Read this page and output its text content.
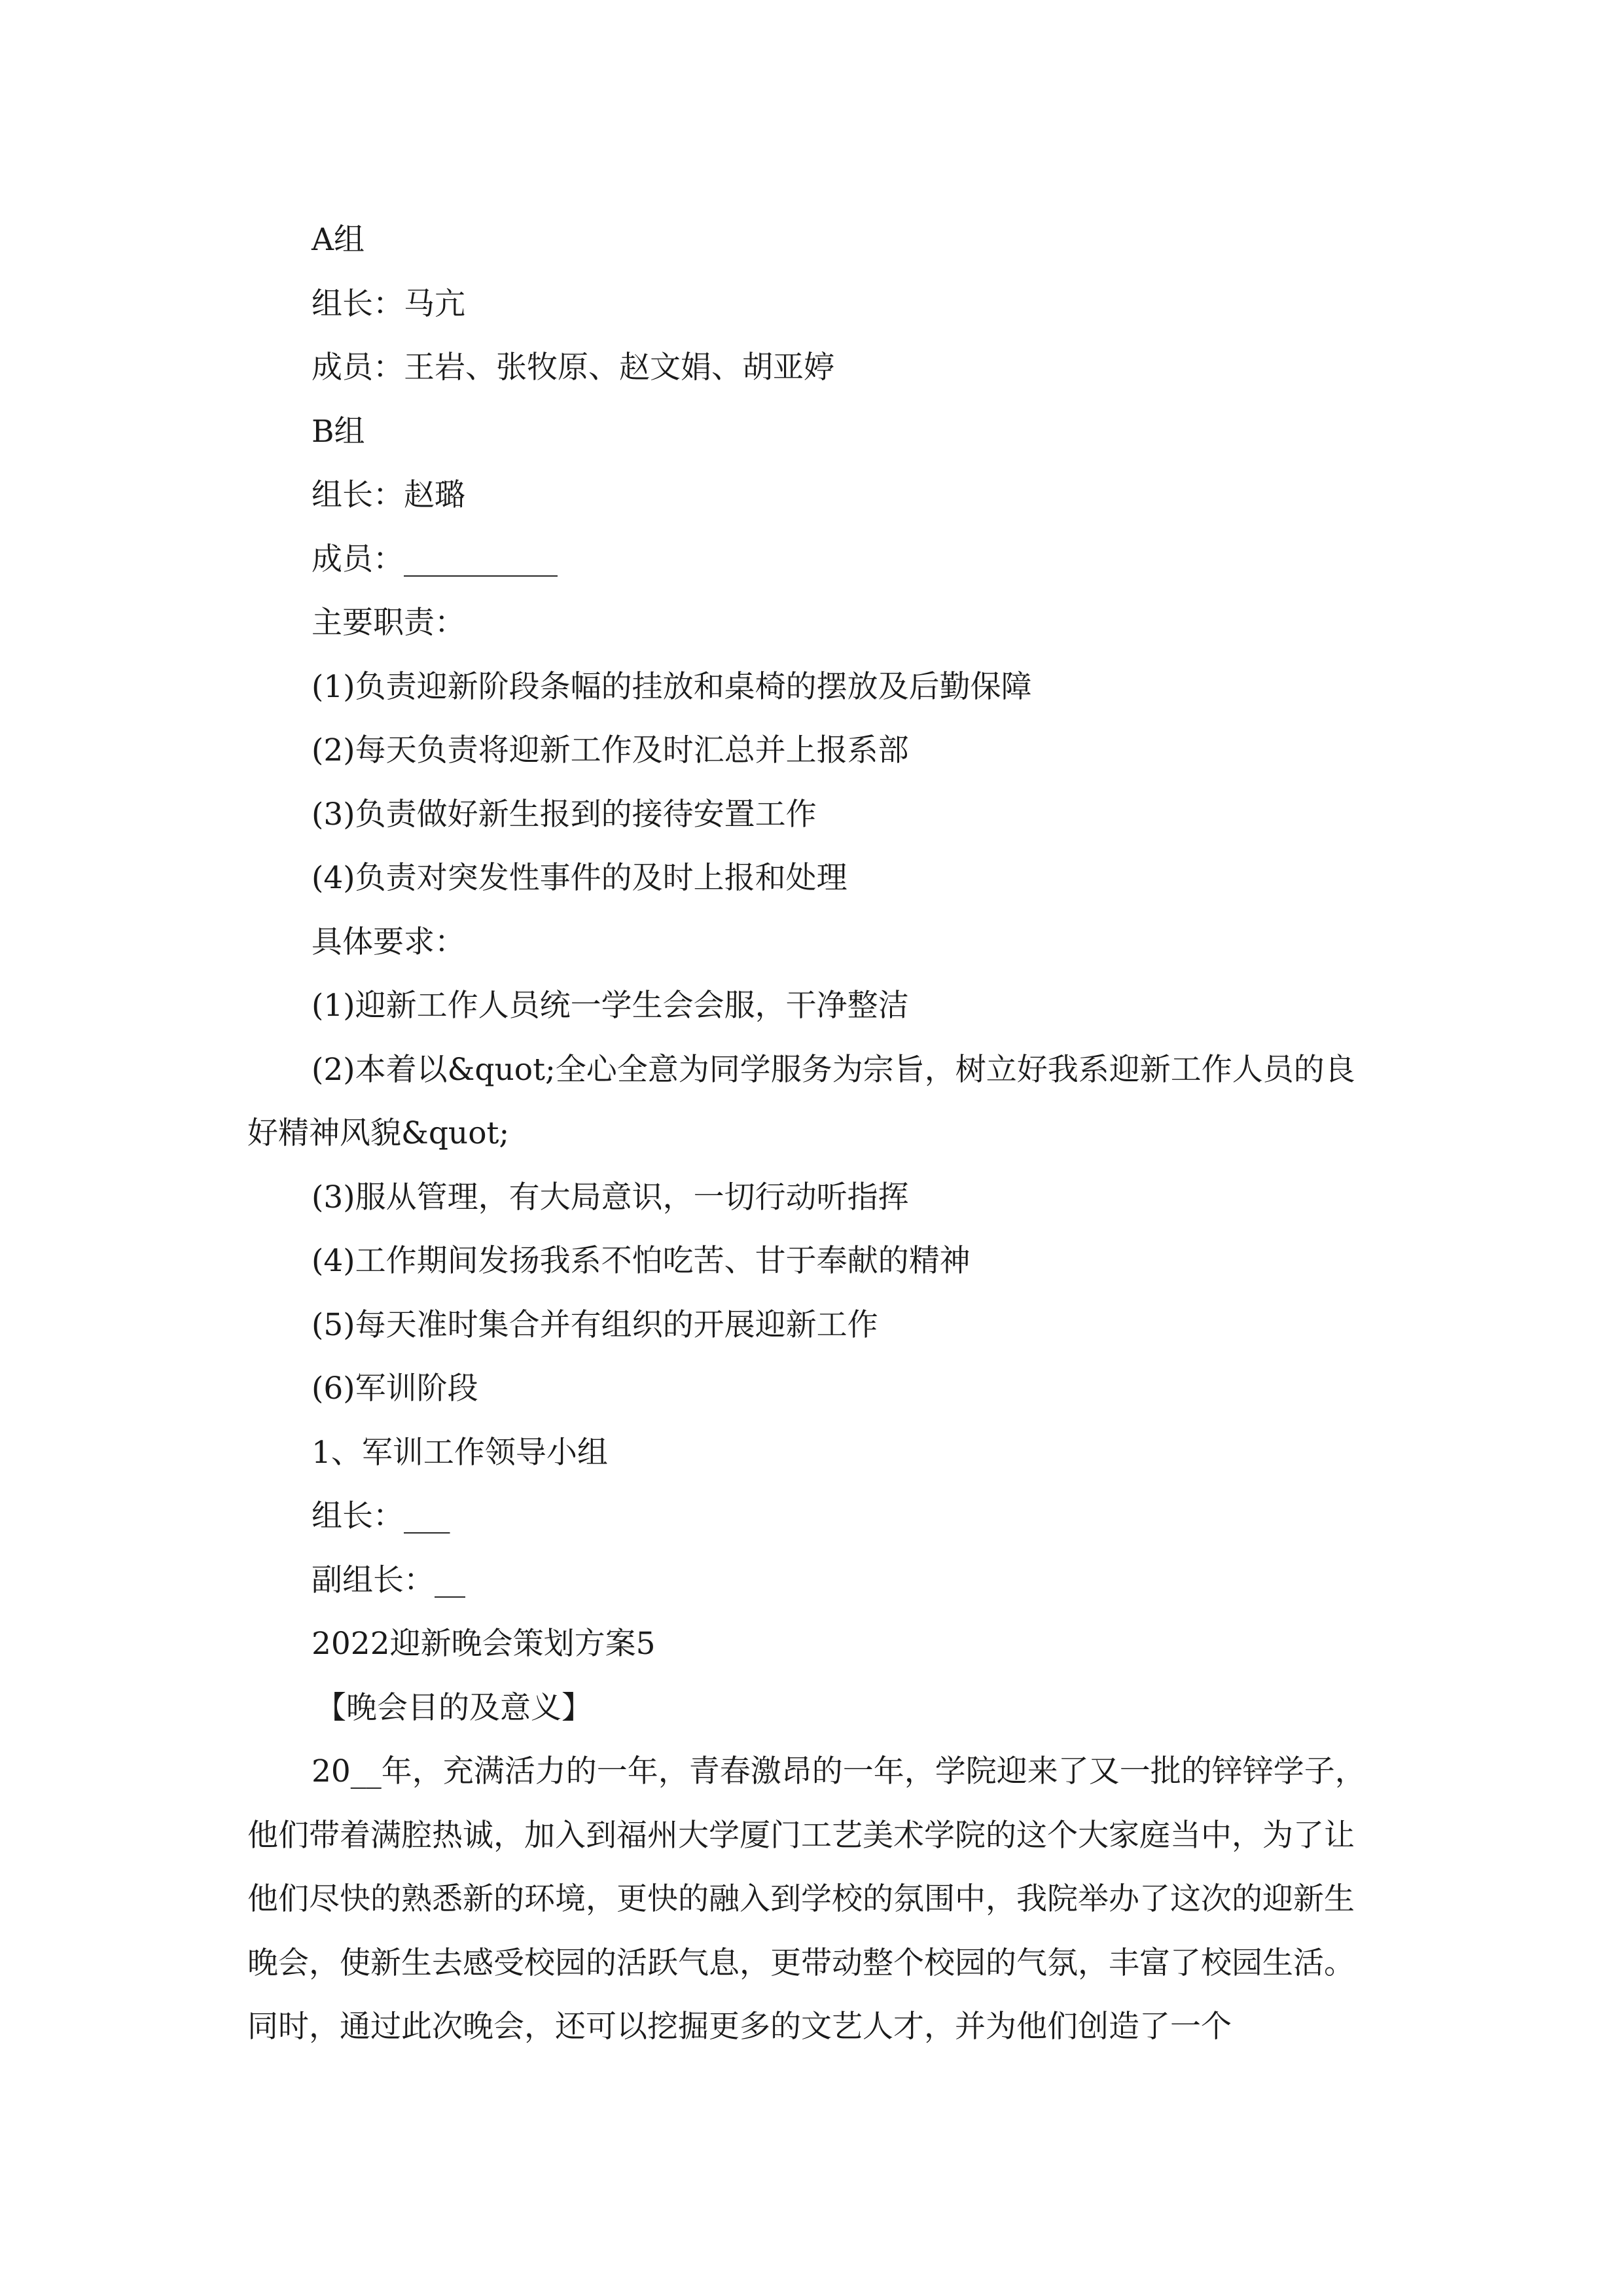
A组

组长：马亢

成员：王岩、张牧原、赵文娟、胡亚婷

B组

组长：赵璐

成员：__________

主要职责：

(1)负责迎新阶段条幅的挂放和桌椅的摆放及后勤保障

(2)每天负责将迎新工作及时汇总并上报系部

(3)负责做好新生报到的接待安置工作

(4)负责对突发性事件的及时上报和处理

具体要求：

(1)迎新工作人员统一学生会会服，干净整洁

(2)本着以&quot;全心全意为同学服务为宗旨，树立好我系迎新工作人员的良好精神风貌&quot;

(3)服从管理，有大局意识，一切行动听指挥

(4)工作期间发扬我系不怕吃苦、甘于奉献的精神

(5)每天准时集合并有组织的开展迎新工作

(6)军训阶段

1、军训工作领导小组

组长：___

副组长：__

2022迎新晚会策划方案5

【晚会目的及意义】

20__年，充满活力的一年，青春激昂的一年，学院迎来了又一批的锌锌学子，他们带着满腔热诚，加入到福州大学厦门工艺美术学院的这个大家庭当中，为了让他们尽快的熟悉新的环境，更快的融入到学校的氛围中，我院举办了这次的迎新生晚会，使新生去感受校园的活跃气息，更带动整个校园的气氛，丰富了校园生活。同时，通过此次晚会，还可以挖掘更多的文艺人才，并为他们创造了一个
